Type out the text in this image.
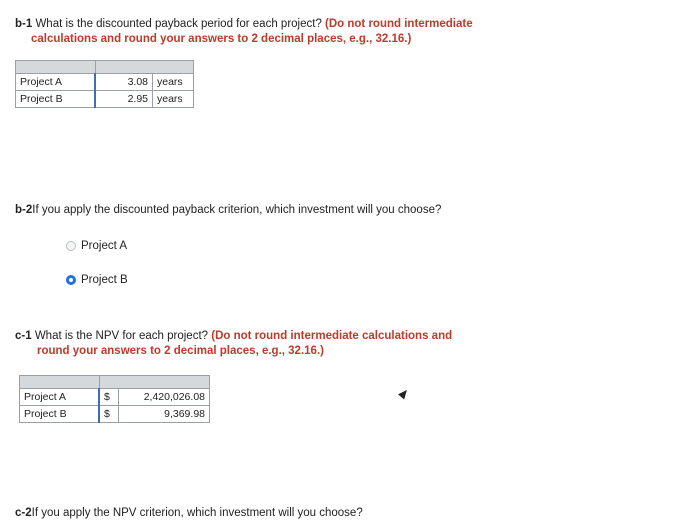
b-1 What is the discounted payback period for each project? (Do not round intermediate
calculations and round your answers to 2 decimal places, e.g., 32.16.)

Project A	3.08	years
Project B	2.95	years
b-2If you apply the discounted payback criterion, which investment will you choose?
Project A
Project B
c-1 What is the NPV for each project? (Do not round intermediate calculations and
round your answers to 2 decimal places, e.g., 32.16.)

Project A	$	2,420,026.08
Project B	$	9,369.98
c-2If you apply the NPV criterion, which investment will you choose?
